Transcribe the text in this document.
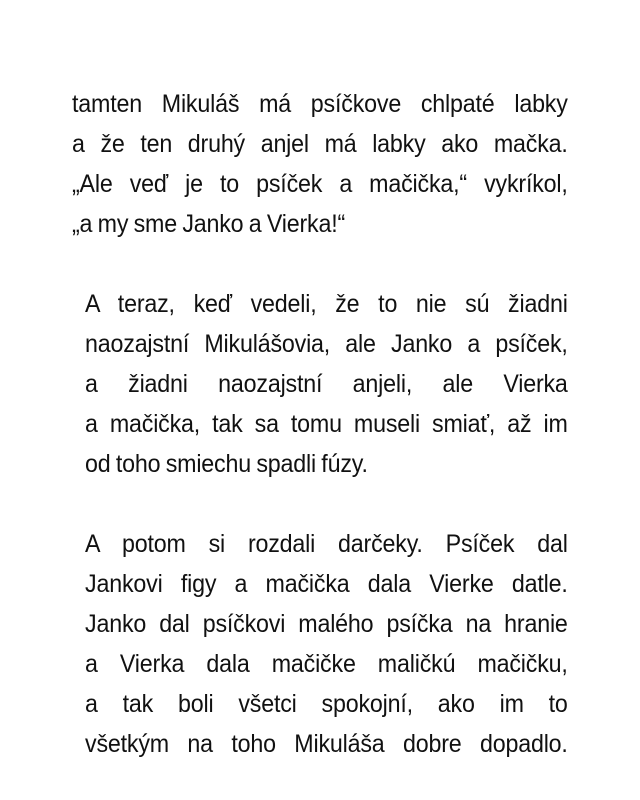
tamten Mikuláš má psíčkove chlpaté labky
a že ten druhý anjel má labky ako mačka.
„Ale veď je to psíček a mačička,“ vykríkol,
„a my sme Janko a Vierka!“

A teraz, keď vedeli, že to nie sú žiadni
naozajstní Mikulášovia, ale Janko a psíček,
a žiadni naozajstní anjeli, ale Vierka
a mačička, tak sa tomu museli smiať, až im
od toho smiechu spadli fúzy.

A potom si rozdali darčeky. Psíček dal
Jankovi figy a mačička dala Vierke datle.
Janko dal psíčkovi malého psíčka na hranie
a Vierka dala mačičke maličkú mačičku,
a tak boli všetci spokojní, ako im to
všetkým na toho Mikuláša dobre dopadlo.
